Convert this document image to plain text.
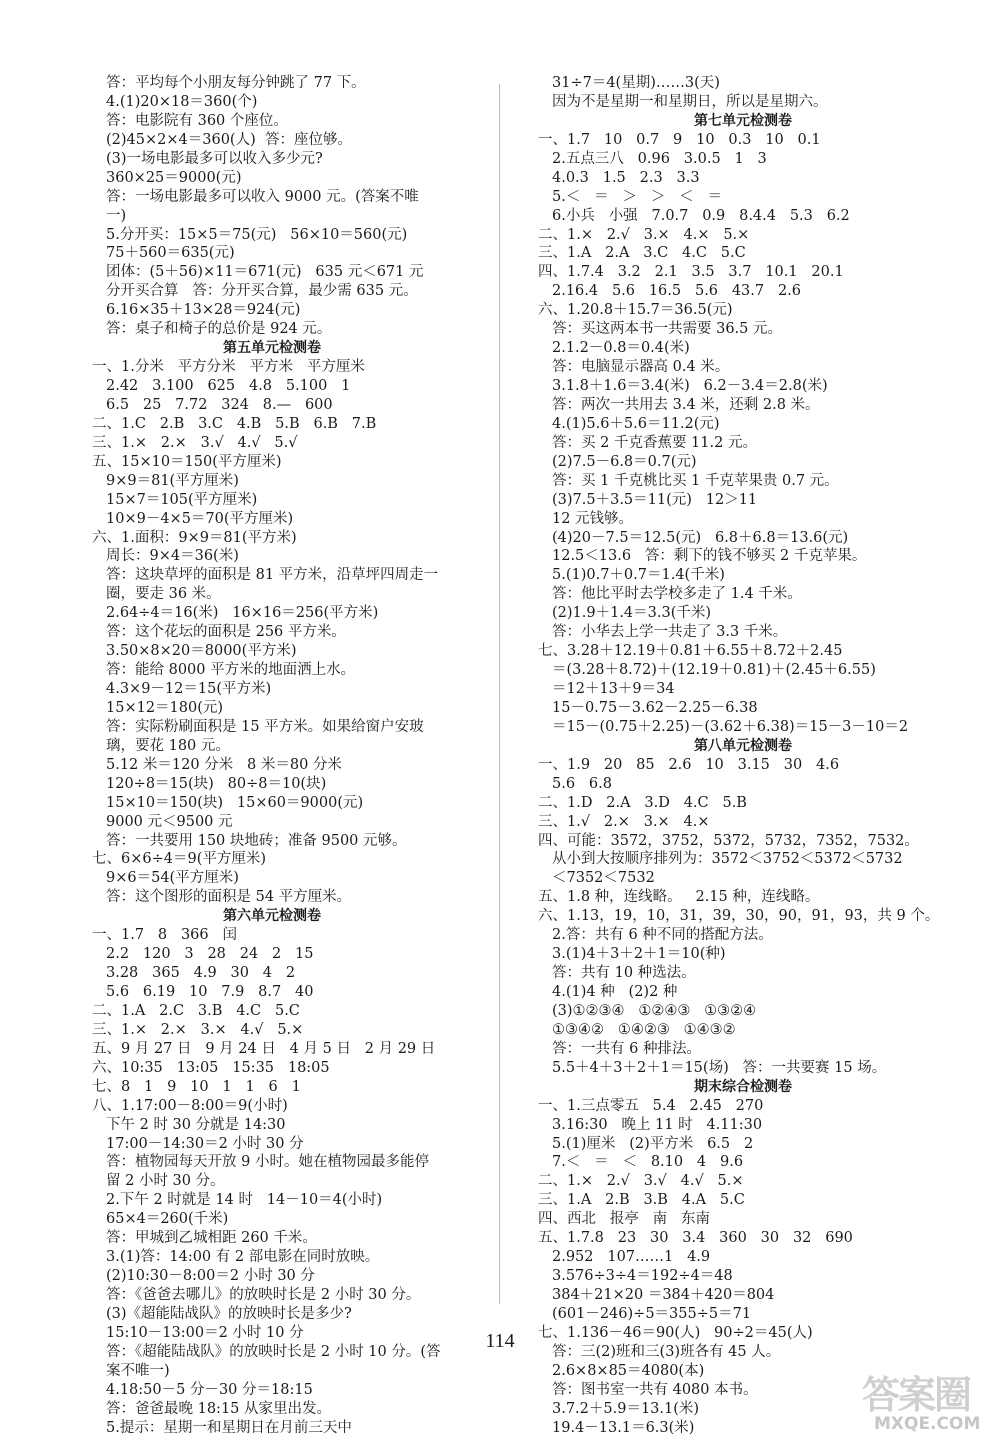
答：平均每个小朋友每分钟跳了 77 下。
4.(1)20×18＝360(个)
答：电影院有 360 个座位。
(2)45×2×4＝360(人)  答：座位够。
(3)一场电影最多可以收入多少元?
360×25＝9000(元)
答：一场电影最多可以收入 9000 元。(答案不唯
一)
5.分开买：15×5＝75(元)   56×10＝560(元)
75＋560＝635(元)
团体：(5＋56)×11＝671(元)   635 元＜671 元
分开买合算   答：分开买合算，最少需 635 元。
6.16×35＋13×28＝924(元)
答：桌子和椅子的总价是 924 元。
第五单元检测卷
一、1.分米   平方分米   平方米   平方厘米
2.42   3.100   625   4.8   5.100   1
6.5   25   7.72   324   8.—   600
二、1.C   2.B   3.C   4.B   5.B   6.B   7.B
三、1.×   2.×   3.√   4.√   5.√
五、15×10＝150(平方厘米)
9×9＝81(平方厘米)
15×7＝105(平方厘米)
10×9－4×5＝70(平方厘米)
六、1.面积：9×9＝81(平方米)
周长：9×4＝36(米)
答：这块草坪的面积是 81 平方米，沿草坪四周走一
圈，要走 36 米。
2.64÷4＝16(米)   16×16＝256(平方米)
答：这个花坛的面积是 256 平方米。
3.50×8×20＝8000(平方米)
答：能给 8000 平方米的地面洒上水。
4.3×9－12＝15(平方米)
15×12＝180(元)
答：实际粉刷面积是 15 平方米。如果给窗户安玻
璃，要花 180 元。
5.12 米＝120 分米   8 米＝80 分米
120÷8＝15(块)   80÷8＝10(块)
15×10＝150(块)   15×60＝9000(元)
9000 元＜9500 元
答：一共要用 150 块地砖；准备 9500 元够。
七、6×6÷4＝9(平方厘米)
9×6＝54(平方厘米)
答：这个图形的面积是 54 平方厘米。
第六单元检测卷
一、1.7   8   366   闰
2.2   120   3   28   24   2   15
3.28   365   4.9   30   4   2
5.6   6.19   10   7.9   8.7   40
二、1.A   2.C   3.B   4.C   5.C
三、1.×   2.×   3.×   4.√   5.×
五、9 月 27 日   9 月 24 日   4 月 5 日   2 月 29 日
六、10:35   13:05   15:35   18:05
七、8   1   9   10   1   1   6   1
八、1.17:00－8:00＝9(小时)
下午 2 时 30 分就是 14:30
17:00－14:30＝2 小时 30 分
答：植物园每天开放 9 小时。她在植物园最多能停
留 2 小时 30 分。
2.下午 2 时就是 14 时   14－10＝4(小时)
65×4＝260(千米)
答：甲城到乙城相距 260 千米。
3.(1)答：14:00 有 2 部电影在同时放映。
(2)10:30－8:00＝2 小时 30 分
答：《爸爸去哪儿》的放映时长是 2 小时 30 分。
(3)《超能陆战队》的放映时长是多少?
15:10－13:00＝2 小时 10 分
答：《超能陆战队》的放映时长是 2 小时 10 分。(答
案不唯一)
4.18:50－5 分－30 分＝18:15
答：爸爸最晚 18:15 从家里出发。
5.提示：星期一和星期日在月前三天中
31÷7＝4(星期)……3(天)
因为不是星期一和星期日，所以是星期六。
第七单元检测卷
一、1.7   10   0.7   9   10   0.3   10   0.1
2.五点三八   0.96   3.0.5   1   3
4.0.3   1.5   2.3   3.3
5.＜   ＝   ＞   ＞   ＜   ＝
6.小兵   小强   7.0.7   0.9   8.4.4   5.3   6.2
二、1.×   2.√   3.×   4.×   5.×
三、1.A   2.A   3.C   4.C   5.C
四、1.7.4   3.2   2.1   3.5   3.7   10.1   20.1
2.16.4   5.6   16.5   5.6   43.7   2.6
六、1.20.8＋15.7＝36.5(元)
答：买这两本书一共需要 36.5 元。
2.1.2－0.8＝0.4(米)
答：电脑显示器高 0.4 米。
3.1.8＋1.6＝3.4(米)   6.2－3.4＝2.8(米)
答：两次一共用去 3.4 米，还剩 2.8 米。
4.(1)5.6＋5.6＝11.2(元)
答：买 2 千克香蕉要 11.2 元。
(2)7.5－6.8＝0.7(元)
答：买 1 千克桃比买 1 千克苹果贵 0.7 元。
(3)7.5＋3.5＝11(元)   12＞11
12 元钱够。
(4)20－7.5＝12.5(元)   6.8＋6.8＝13.6(元)
12.5＜13.6   答：剩下的钱不够买 2 千克苹果。
5.(1)0.7＋0.7＝1.4(千米)
答：他比平时去学校多走了 1.4 千米。
(2)1.9＋1.4＝3.3(千米)
答：小华去上学一共走了 3.3 千米。
七、3.28＋12.19＋0.81＋6.55＋8.72＋2.45
＝(3.28＋8.72)＋(12.19＋0.81)＋(2.45＋6.55)
＝12＋13＋9＝34
15－0.75－3.62－2.25－6.38
＝15－(0.75＋2.25)－(3.62＋6.38)＝15－3－10＝2
第八单元检测卷
一、1.9   20   85   2.6   10   3.15   30   4.6
5.6   6.8
二、1.D   2.A   3.D   4.C   5.B
三、1.√   2.×   3.×   4.×
四、可能：3572，3752，5372，5732，7352，7532。
从小到大按顺序排列为：3572＜3752＜5372＜5732
＜7352＜7532
五、1.8 种，连线略。   2.15 种，连线略。
六、1.13，19，10，31，39，30，90，91，93，共 9 个。
2.答：共有 6 种不同的搭配方法。
3.(1)4＋3＋2＋1＝10(种)
答：共有 10 种选法。
4.(1)4 种   (2)2 种
(3)①②③④   ①②④③   ①③②④
①③④②   ①④②③   ①④③②
答：一共有 6 种排法。
5.5＋4＋3＋2＋1＝15(场)   答：一共要赛 15 场。
期末综合检测卷
一、1.三点零五   5.4   2.45   270
3.16:30   晚上 11 时   4.11:30
5.(1)厘米   (2)平方米   6.5   2
7.＜   ＝   ＜   8.10   4   9.6
二、1.×   2.√   3.√   4.√   5.×
三、1.A   2.B   3.B   4.A   5.C
四、西北   报亭   南   东南
五、1.7.8   23   30   3.4   360   30   32   690
2.952   107……1   4.9
3.576÷3÷4＝192÷4＝48
384＋21×20 ＝384＋420＝804
(601－246)÷5＝355÷5＝71
七、1.136－46＝90(人)   90÷2＝45(人)
答：三(2)班和三(3)班各有 45 人。
2.6×8×85＝4080(本)
答：图书室一共有 4080 本书。
3.7.2＋5.9＝13.1(米)
19.4－13.1＝6.3(米)
114
答案圈
MXQE.COM
